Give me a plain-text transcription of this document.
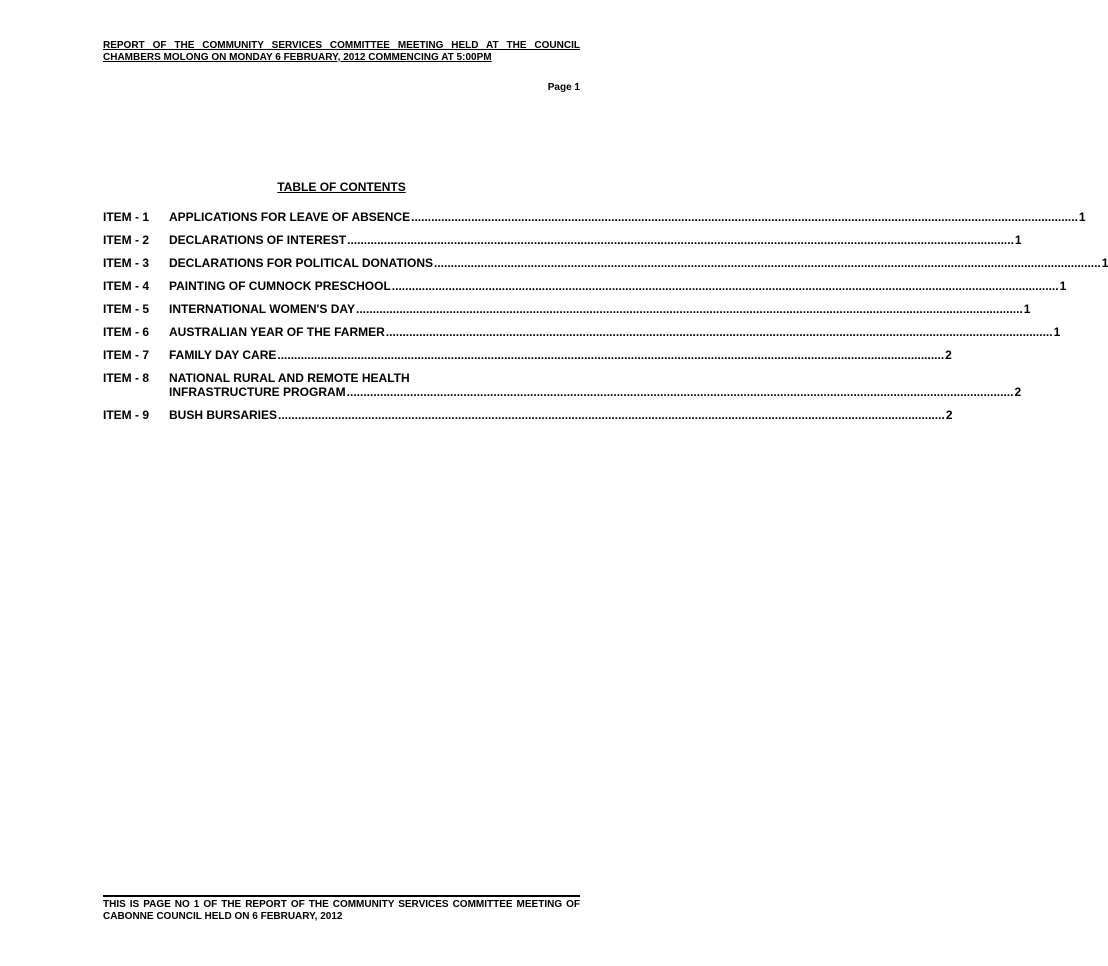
REPORT OF THE COMMUNITY SERVICES COMMITTEE MEETING HELD AT THE COUNCIL CHAMBERS MOLONG ON MONDAY 6 FEBRUARY, 2012 COMMENCING AT 5:00PM
Page 1
TABLE OF CONTENTS
ITEM - 1	APPLICATIONS FOR LEAVE OF ABSENCE .....	1
ITEM - 2	DECLARATIONS OF INTEREST .....	1
ITEM - 3	DECLARATIONS FOR POLITICAL DONATIONS .....	1
ITEM - 4	PAINTING OF CUMNOCK PRESCHOOL .....	1
ITEM - 5	INTERNATIONAL WOMEN'S DAY .....	1
ITEM - 6	AUSTRALIAN YEAR OF THE FARMER .....	1
ITEM - 7	FAMILY DAY CARE .....	2
ITEM - 8	NATIONAL RURAL AND REMOTE HEALTH
INFRASTRUCTURE PROGRAM .....	2
ITEM - 9	BUSH BURSARIES .....	2
THIS IS PAGE NO 1 OF THE REPORT OF THE COMMUNITY SERVICES COMMITTEE MEETING OF CABONNE COUNCIL HELD ON 6 FEBRUARY, 2012
